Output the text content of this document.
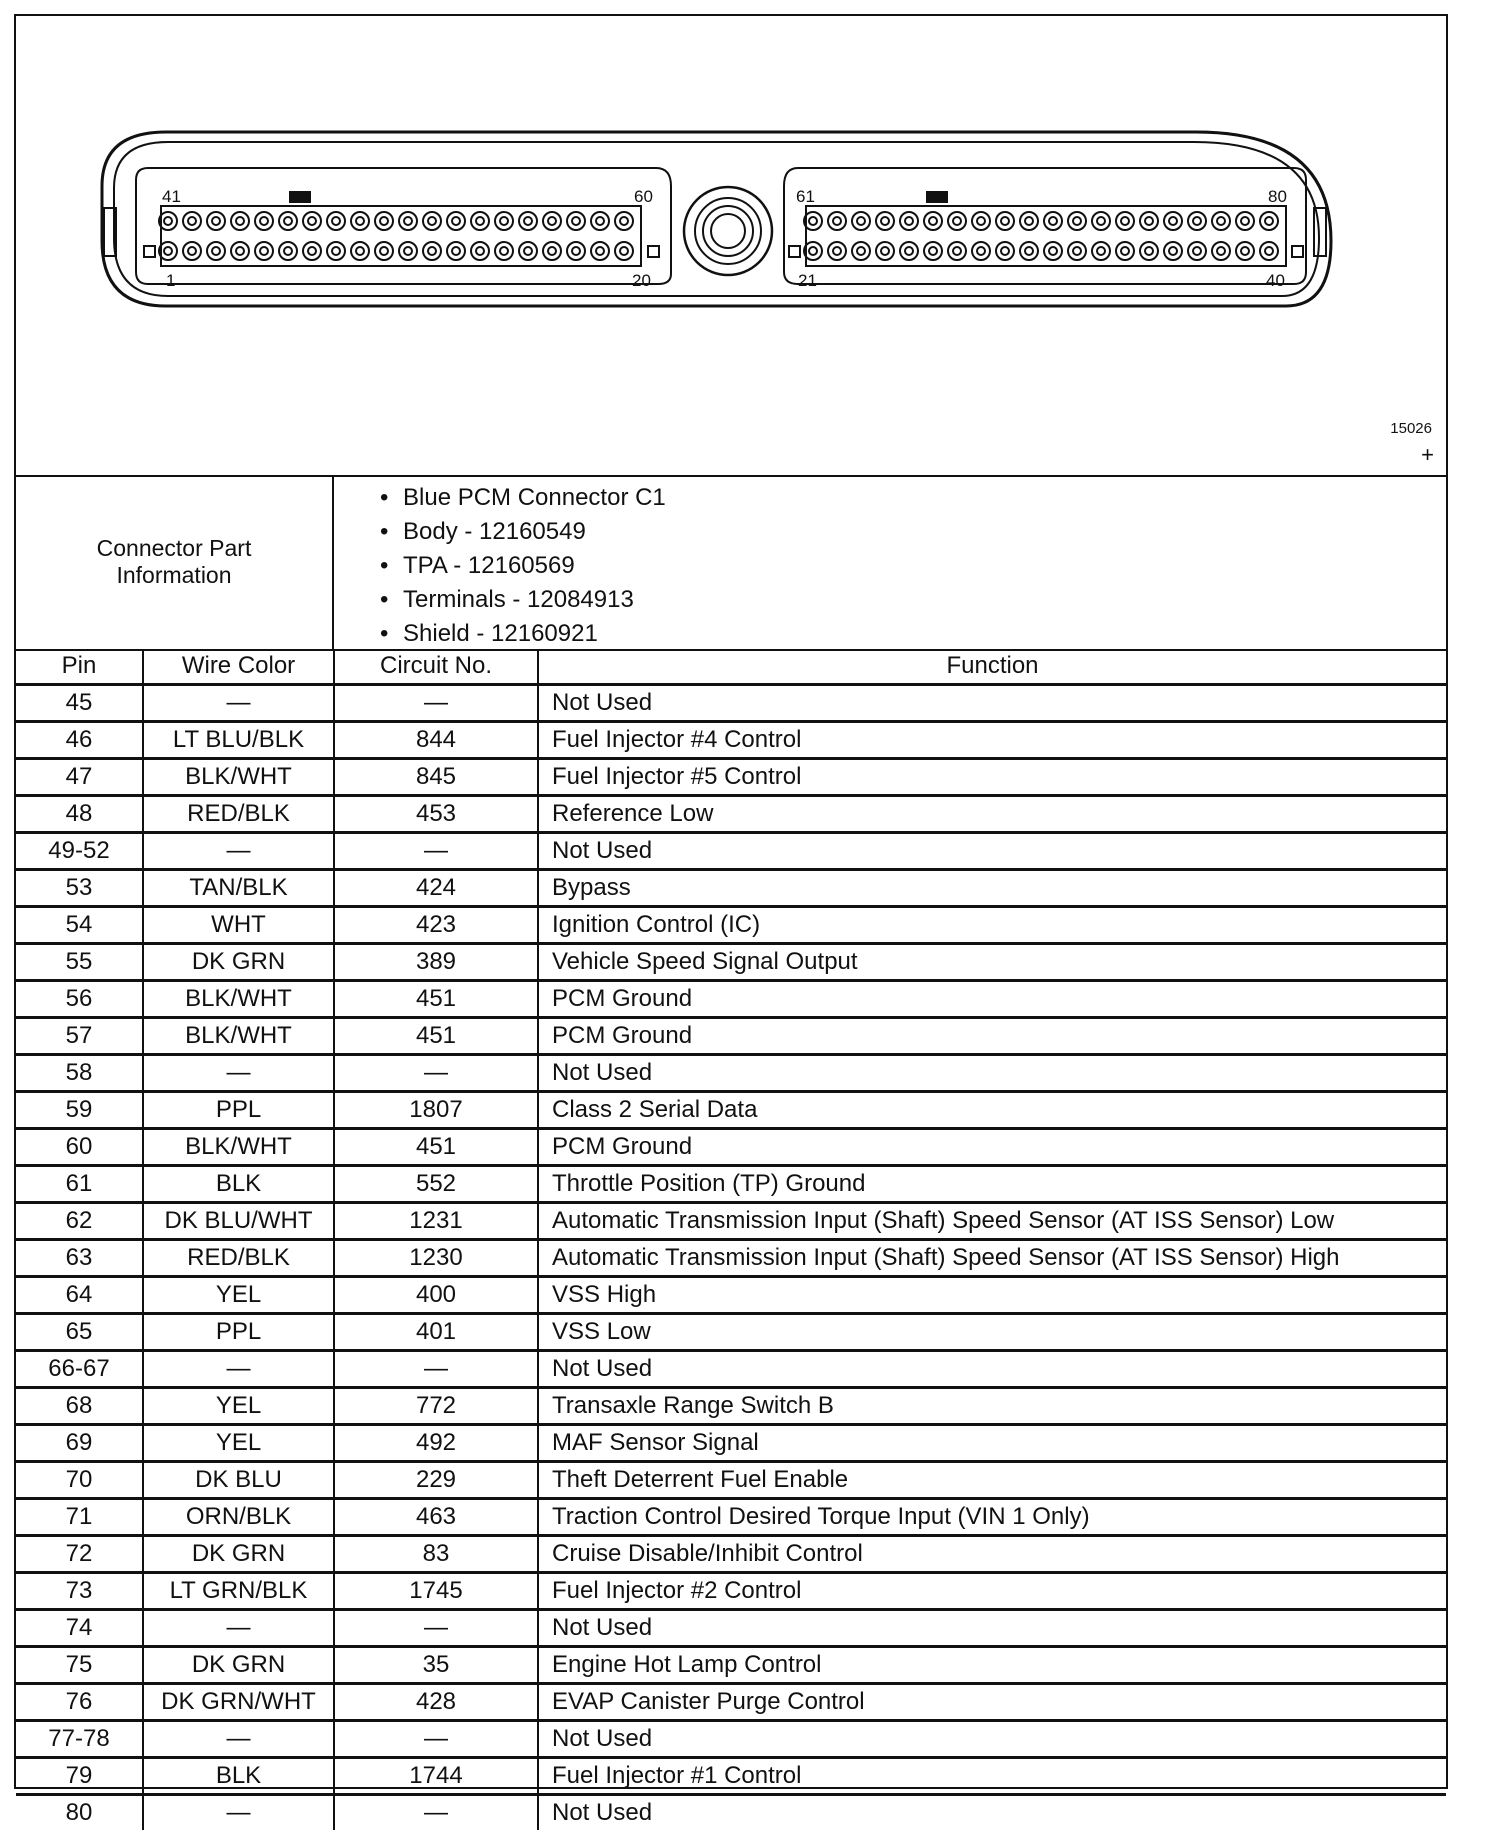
41	60
1	20
61	80
21	40
15026
+
Connector Part
Information
• Blue PCM Connector C1
• Body - 12160549
• TPA - 12160569
• Terminals - 12084913
• Shield - 12160921
Pin	Wire Color	Circuit No.	Function
45	—	—	Not Used
46	LT BLU/BLK	844	Fuel Injector #4 Control
47	BLK/WHT	845	Fuel Injector #5 Control
48	RED/BLK	453	Reference Low
49-52	—	—	Not Used
53	TAN/BLK	424	Bypass
54	WHT	423	Ignition Control (IC)
55	DK GRN	389	Vehicle Speed Signal Output
56	BLK/WHT	451	PCM Ground
57	BLK/WHT	451	PCM Ground
58	—	—	Not Used
59	PPL	1807	Class 2 Serial Data
60	BLK/WHT	451	PCM Ground
61	BLK	552	Throttle Position (TP) Ground
62	DK BLU/WHT	1231	Automatic Transmission Input (Shaft) Speed Sensor (AT ISS Sensor) Low
63	RED/BLK	1230	Automatic Transmission Input (Shaft) Speed Sensor (AT ISS Sensor) High
64	YEL	400	VSS High
65	PPL	401	VSS Low
66-67	—	—	Not Used
68	YEL	772	Transaxle Range Switch B
69	YEL	492	MAF Sensor Signal
70	DK BLU	229	Theft Deterrent Fuel Enable
71	ORN/BLK	463	Traction Control Desired Torque Input (VIN 1 Only)
72	DK GRN	83	Cruise Disable/Inhibit Control
73	LT GRN/BLK	1745	Fuel Injector #2 Control
74	—	—	Not Used
75	DK GRN	35	Engine Hot Lamp Control
76	DK GRN/WHT	428	EVAP Canister Purge Control
77-78	—	—	Not Used
79	BLK	1744	Fuel Injector #1 Control
80	—	—	Not Used
